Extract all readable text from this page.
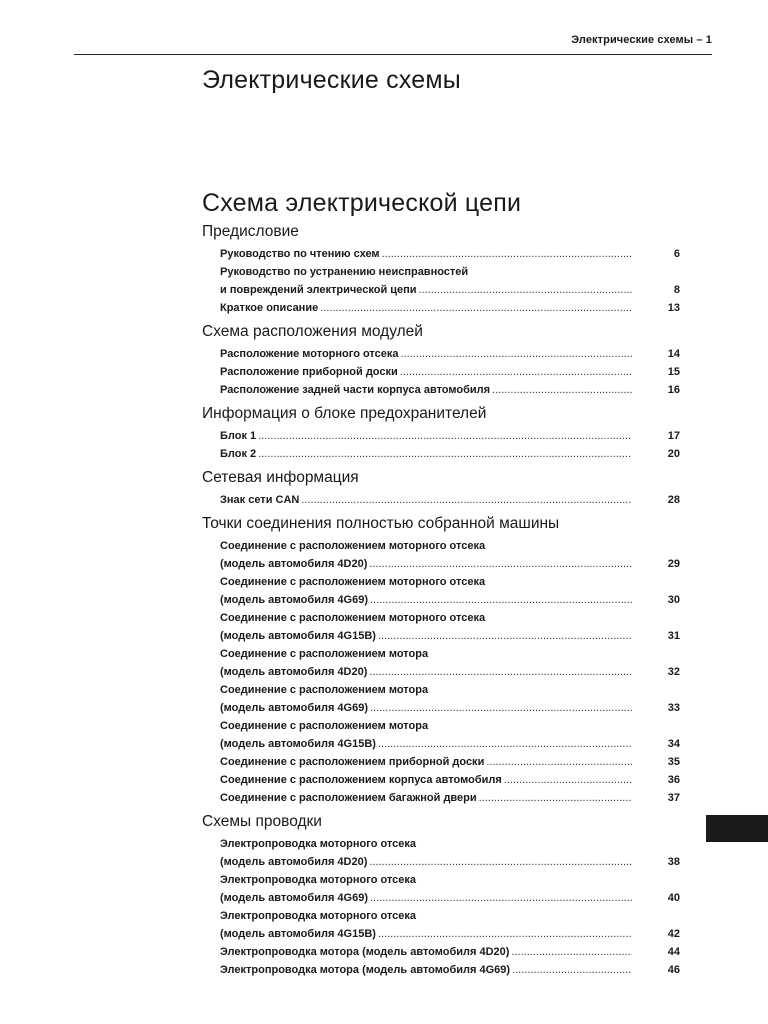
Электрические схемы – 1
Электрические схемы
Схема электрической цепи
Предисловие
Руководство по чтению схем .....	6
Руководство по устранению неисправностей
и повреждений электрической цепи .....	8
Краткое описание .....	13
Схема расположения модулей
Расположение моторного отсека .....	14
Расположение приборной доски .....	15
Расположение задней части корпуса автомобиля .....	16
Информация о блоке предохранителей
Блок 1 .....	17
Блок 2 .....	20
Сетевая информация
Знак сети CAN .....	28
Точки соединения полностью собранной машины
Соединение с расположением моторного отсека
(модель автомобиля 4D20) .....	29
Соединение с расположением моторного отсека
(модель автомобиля 4G69) .....	30
Соединение с расположением моторного отсека
(модель автомобиля 4G15B) .....	31
Соединение с расположением мотора
(модель автомобиля 4D20) .....	32
Соединение с расположением мотора
(модель автомобиля 4G69) .....	33
Соединение с расположением мотора
(модель автомобиля 4G15B) .....	34
Соединение с расположением приборной доски .....	35
Соединение с расположением корпуса автомобиля .....	36
Соединение с расположением багажной двери .....	37
Схемы проводки
Электропроводка моторного отсека
(модель автомобиля 4D20) .....	38
Электропроводка моторного отсека
(модель автомобиля 4G69) .....	40
Электропроводка моторного отсека
(модель автомобиля 4G15B) .....	42
Электропроводка мотора (модель автомобиля 4D20) .....	44
Электропроводка мотора (модель автомобиля 4G69) .....	46
